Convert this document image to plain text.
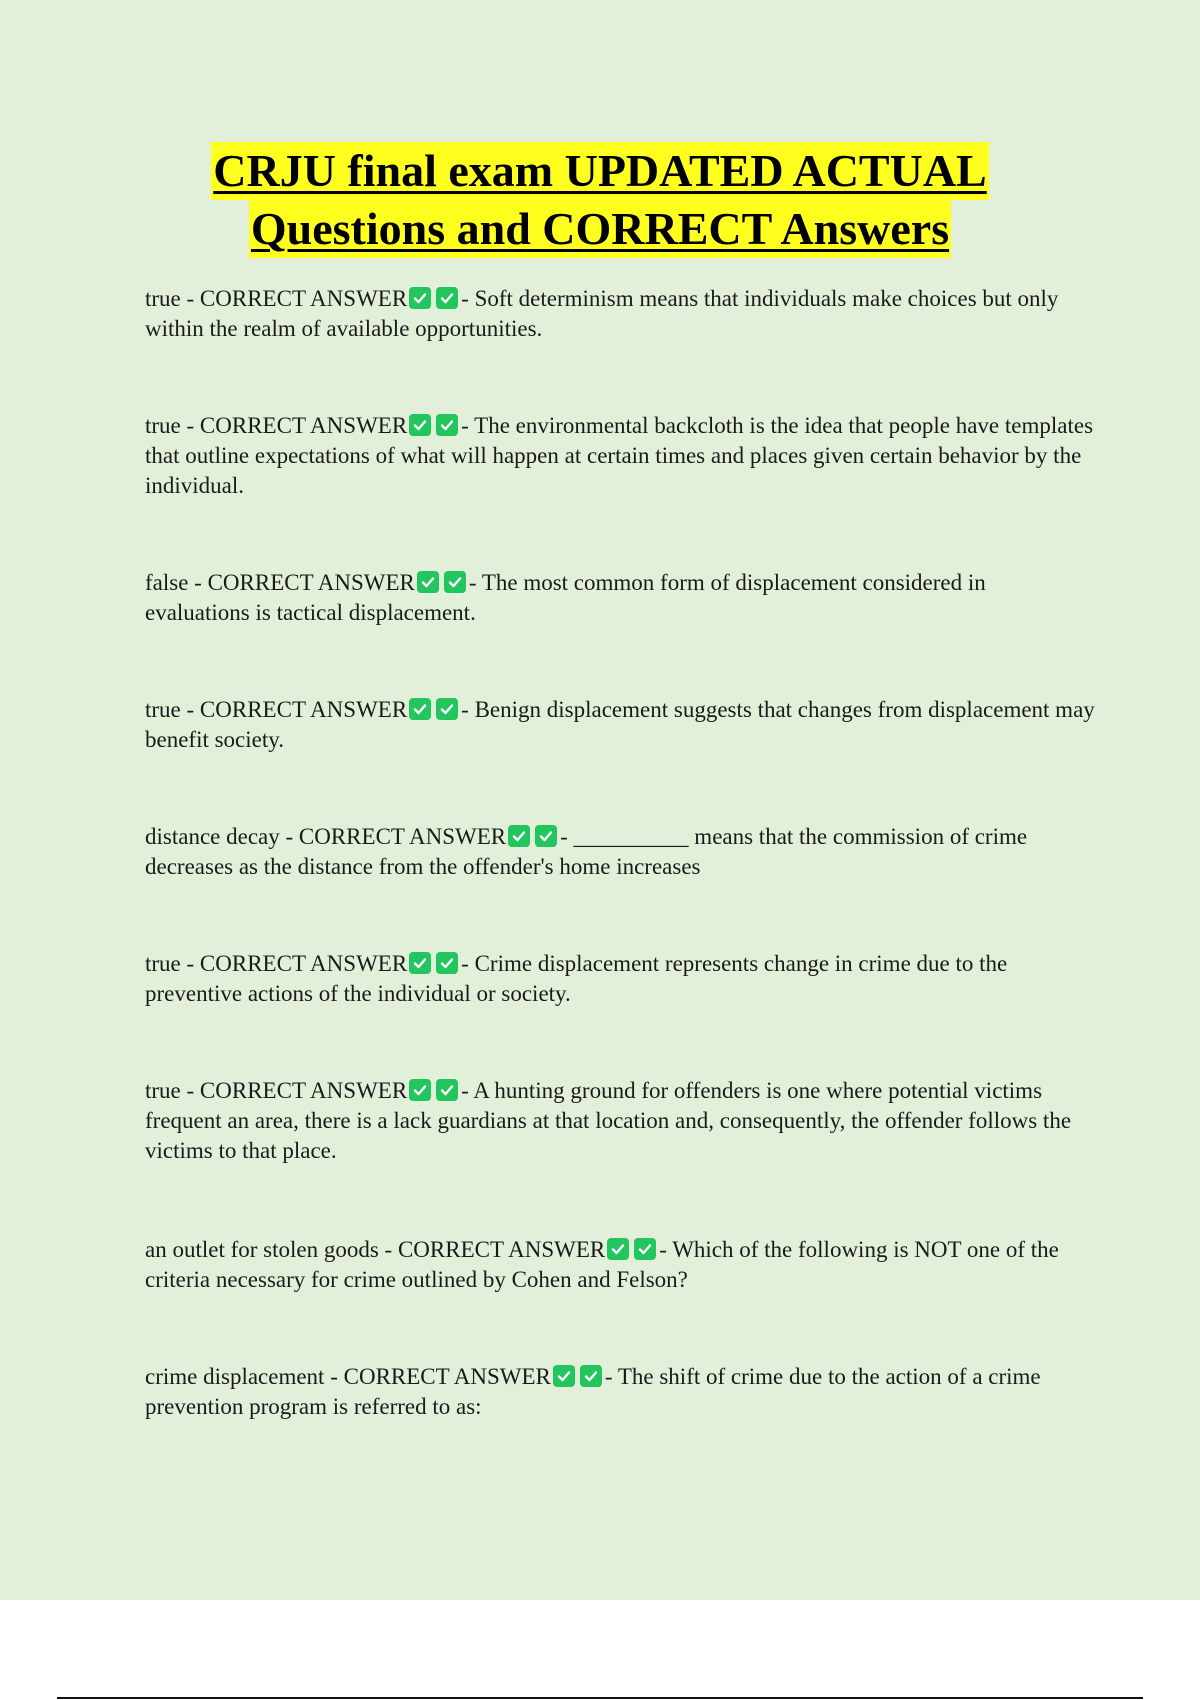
CRJU final exam UPDATED ACTUAL
Questions and CORRECT Answers
true - CORRECT ANSWER - Soft determinism means that individuals make choices but only within the realm of available opportunities.
true - CORRECT ANSWER - The environmental backcloth is the idea that people have templates that outline expectations of what will happen at certain times and places given certain behavior by the individual.
false - CORRECT ANSWER - The most common form of displacement considered in evaluations is tactical displacement.
true - CORRECT ANSWER - Benign displacement suggests that changes from displacement may benefit society.
distance decay - CORRECT ANSWER - __________ means that the commission of crime decreases as the distance from the offender's home increases
true - CORRECT ANSWER - Crime displacement represents change in crime due to the preventive actions of the individual or society.
true - CORRECT ANSWER - A hunting ground for offenders is one where potential victims frequent an area, there is a lack guardians at that location and, consequently, the offender follows the victims to that place.
an outlet for stolen goods - CORRECT ANSWER - Which of the following is NOT one of the criteria necessary for crime outlined by Cohen and Felson?
crime displacement - CORRECT ANSWER - The shift of crime due to the action of a crime prevention program is referred to as:
